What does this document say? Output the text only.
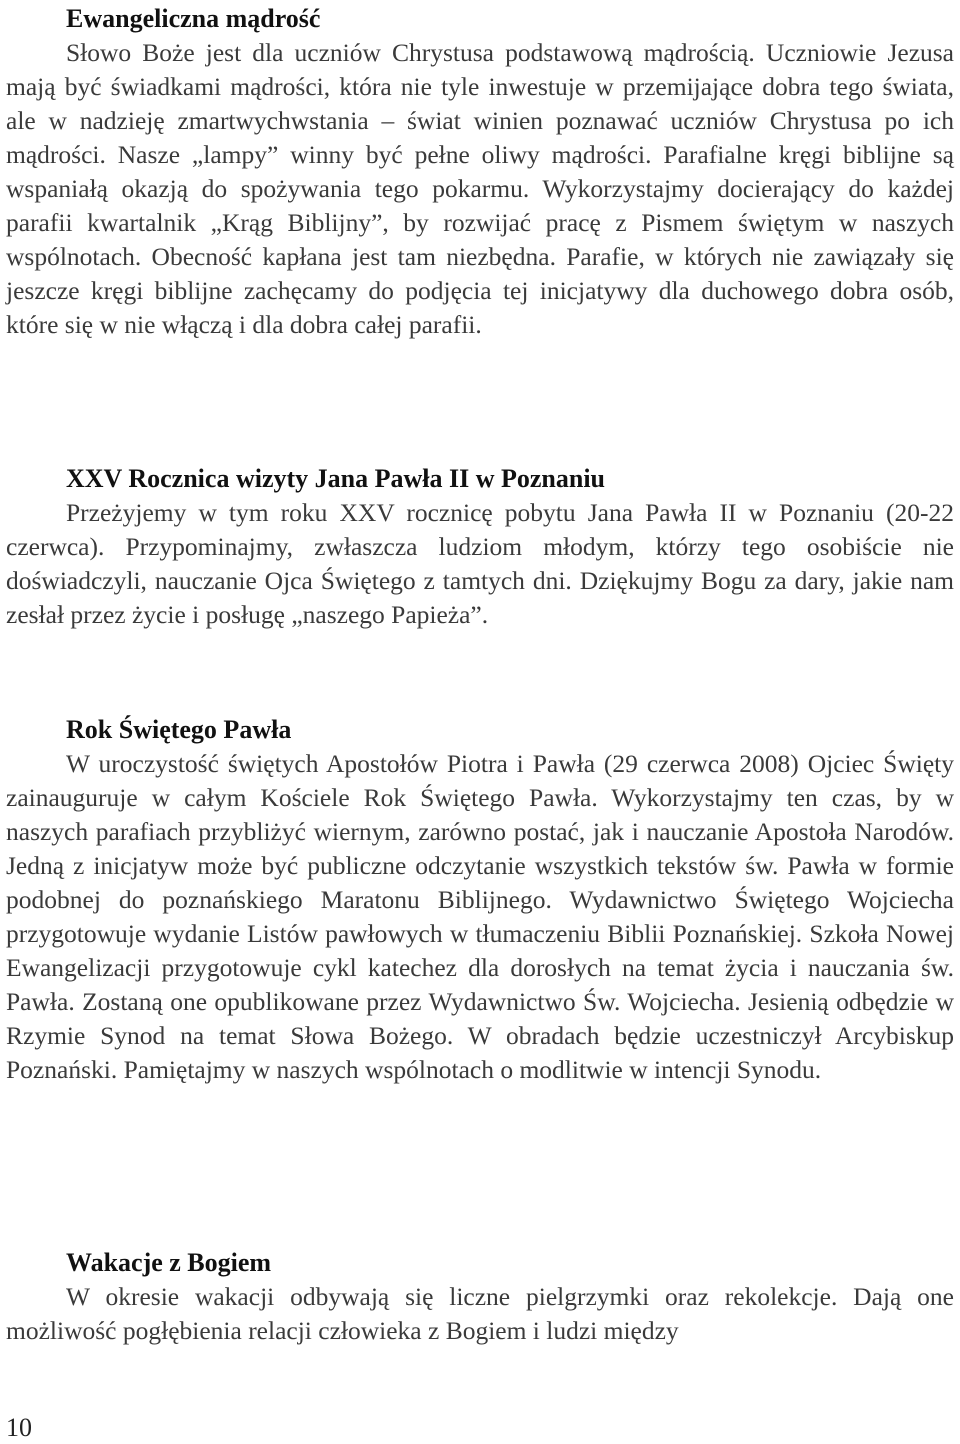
Ewangeliczna mądrość

Słowo Boże jest dla uczniów Chrystusa podstawową mądrością. Uczniowie Jezusa mają być świadkami mądrości, która nie tyle inwestuje w przemijające dobra tego świata, ale w nadzieję zmartwychwstania – świat winien poznawać uczniów Chrystusa po ich mądrości. Nasze „lampy” winny być pełne oliwy mądrości. Parafialne kręgi biblijne są wspaniałą okazją do spożywania tego pokarmu. Wykorzystajmy docierający do każdej parafii kwartalnik „Krąg Biblijny”, by rozwijać pracę z Pismem świętym w naszych wspólnotach. Obecność kapłana jest tam niezbędna. Parafie, w których nie zawiązały się jeszcze kręgi biblijne zachęcamy do podjęcia tej inicjatywy dla duchowego dobra osób, które się w nie włączą i dla dobra całej parafii.

XXV Rocznica wizyty Jana Pawła II w Poznaniu

Przeżyjemy w tym roku XXV rocznicę pobytu Jana Pawła II w Poznaniu (20-22 czerwca). Przypominajmy, zwłaszcza ludziom młodym, którzy tego osobiście nie doświadczyli, nauczanie Ojca Świętego z tamtych dni. Dziękujmy Bogu za dary, jakie nam zesłał przez życie i posługę „naszego Papieża”.

Rok Świętego Pawła

W uroczystość świętych Apostołów Piotra i Pawła (29 czerwca 2008) Ojciec Święty zainauguruje w całym Kościele Rok Świętego Pawła. Wykorzystajmy ten czas, by w naszych parafiach przybliżyć wiernym, zarówno postać, jak i nauczanie Apostoła Narodów. Jedną z inicjatyw może być publiczne odczytanie wszystkich tekstów św. Pawła w formie podobnej do poznańskiego Maratonu Biblijnego. Wydawnictwo Świętego Wojciecha przygotowuje wydanie Listów pawłowych w tłumaczeniu Biblii Poznańskiej. Szkoła Nowej Ewangelizacji przygotowuje cykl katechez dla dorosłych na temat życia i nauczania św. Pawła. Zostaną one opublikowane przez Wydawnictwo Św. Wojciecha. Jesienią odbędzie w Rzymie Synod na temat Słowa Bożego. W obradach będzie uczestniczył Arcybiskup Poznański. Pamiętajmy w naszych wspólnotach o modlitwie w intencji Synodu.

Wakacje z Bogiem

W okresie wakacji odbywają się liczne pielgrzymki oraz rekolekcje. Dają one możliwość pogłębienia relacji człowieka z Bogiem i ludzi między

10
